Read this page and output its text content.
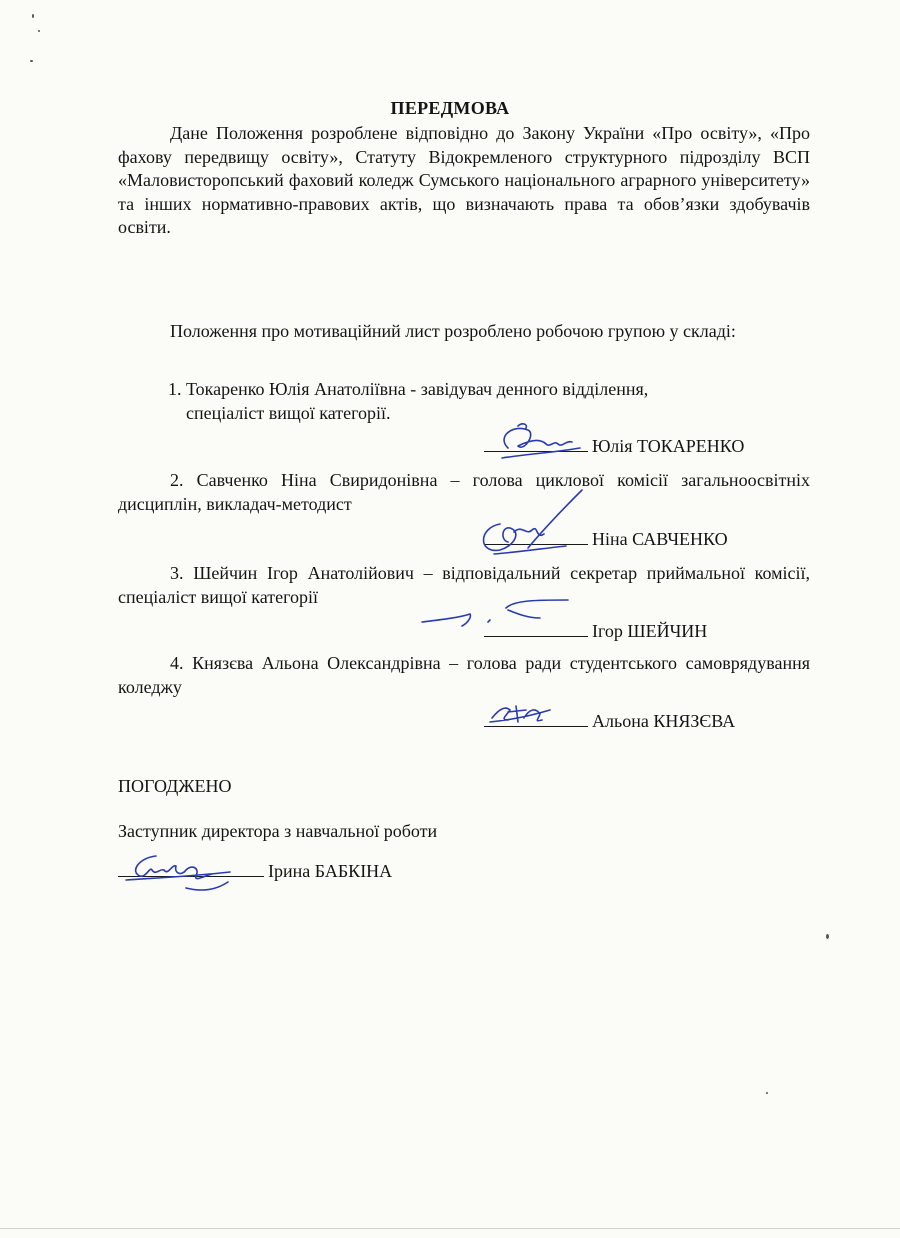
ПЕРЕДМОВА
Дане Положення розроблене відповідно до Закону України «Про освіту», «Про фахову передвищу освіту», Статуту Відокремленого структурного підрозділу ВСП «Маловисторопський фаховий коледж Сумського національного аграрного університету» та інших нормативно-правових актів, що визначають права та обов’язки здобувачів освіти.
Положення про мотиваційний лист розроблено робочою групою у складі:
1. Токаренко Юлія Анатоліївна - завідувач денного відділення,
спеціаліст вищої категорії.
Юлія ТОКАРЕНКО
2. Савченко Ніна Свиридонівна – голова циклової комісії загальноосвітніх дисциплін, викладач-методист
Ніна САВЧЕНКО
3. Шейчин Ігор Анатолійович – відповідальний секретар приймальної комісії, спеціаліст вищої категорії
Ігор ШЕЙЧИН
4. Князєва Альона Олександрівна – голова ради студентського самоврядування коледжу
Альона КНЯЗЄВА
ПОГОДЖЕНО
Заступник директора з навчальної роботи
Ірина БАБКІНА
